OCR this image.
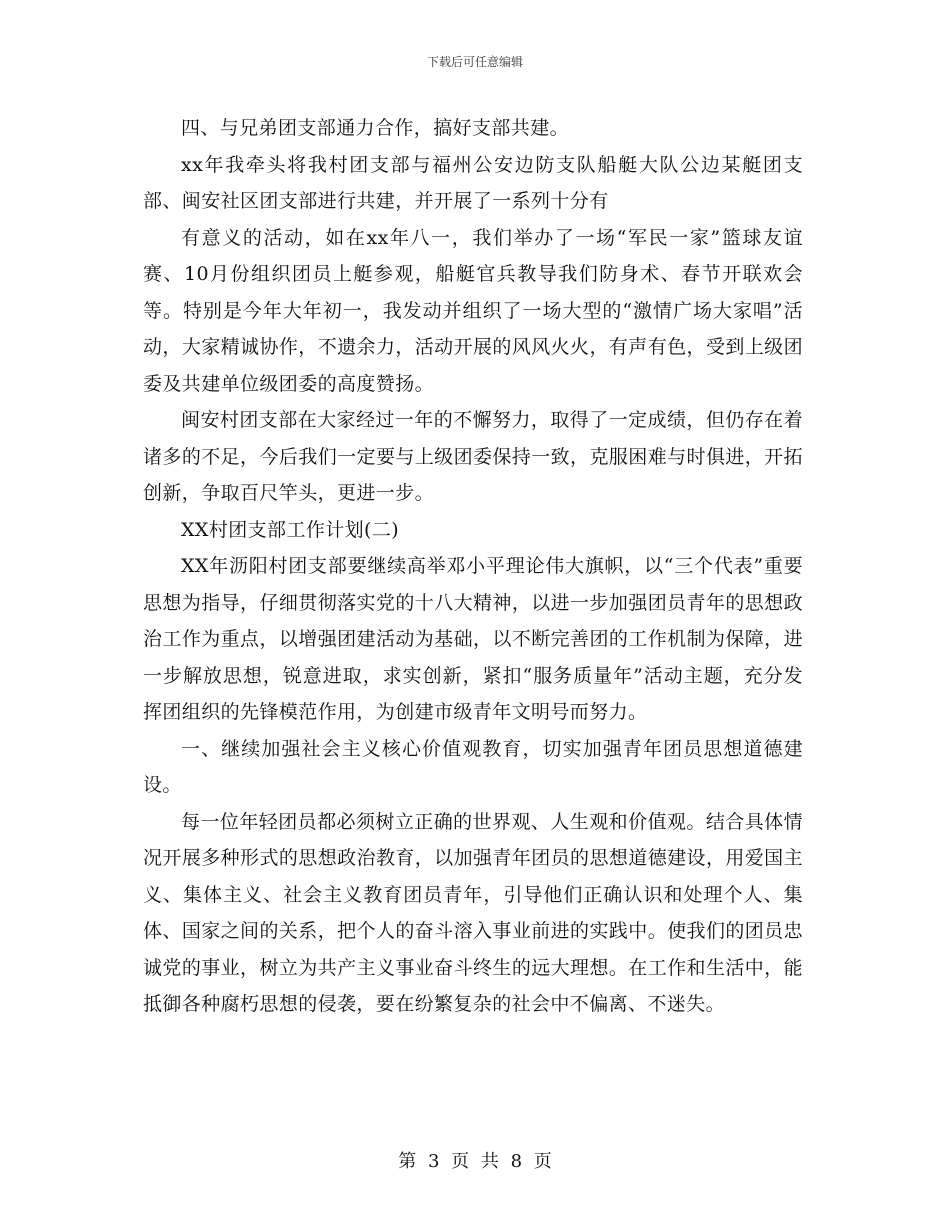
下载后可任意编辑

四、与兄弟团支部通力合作，搞好支部共建。

xx年我牵头将我村团支部与福州公安边防支队船艇大队公边某艇团支部、闽安社区团支部进行共建，并开展了一系列十分有

有意义的活动，如在xx年八一，我们举办了一场“军民一家”篮球友谊赛、10月份组织团员上艇参观，船艇官兵教导我们防身术、春节开联欢会等。特别是今年大年初一，我发动并组织了一场大型的“激情广场大家唱”活动，大家精诚协作，不遗余力，活动开展的风风火火，有声有色，受到上级团委及共建单位级团委的高度赞扬。

闽安村团支部在大家经过一年的不懈努力，取得了一定成绩，但仍存在着诸多的不足，今后我们一定要与上级团委保持一致，克服困难与时俱进，开拓创新，争取百尺竿头，更进一步。

XX村团支部工作计划(二)

XX年沥阳村团支部要继续高举邓小平理论伟大旗帜，以“三个代表”重要思想为指导，仔细贯彻落实党的十八大精神，以进一步加强团员青年的思想政治工作为重点，以增强团建活动为基础，以不断完善团的工作机制为保障，进一步解放思想，锐意进取，求实创新，紧扣“服务质量年”活动主题，充分发挥团组织的先锋模范作用，为创建市级青年文明号而努力。

一、继续加强社会主义核心价值观教育，切实加强青年团员思想道德建设。

每一位年轻团员都必须树立正确的世界观、人生观和价值观。结合具体情况开展多种形式的思想政治教育，以加强青年团员的思想道德建设，用爱国主义、集体主义、社会主义教育团员青年，引导他们正确认识和处理个人、集体、国家之间的关系，把个人的奋斗溶入事业前进的实践中。使我们的团员忠诚党的事业，树立为共产主义事业奋斗终生的远大理想。在工作和生活中，能抵御各种腐朽思想的侵袭，要在纷繁复杂的社会中不偏离、不迷失。

第 3 页 共 8 页
